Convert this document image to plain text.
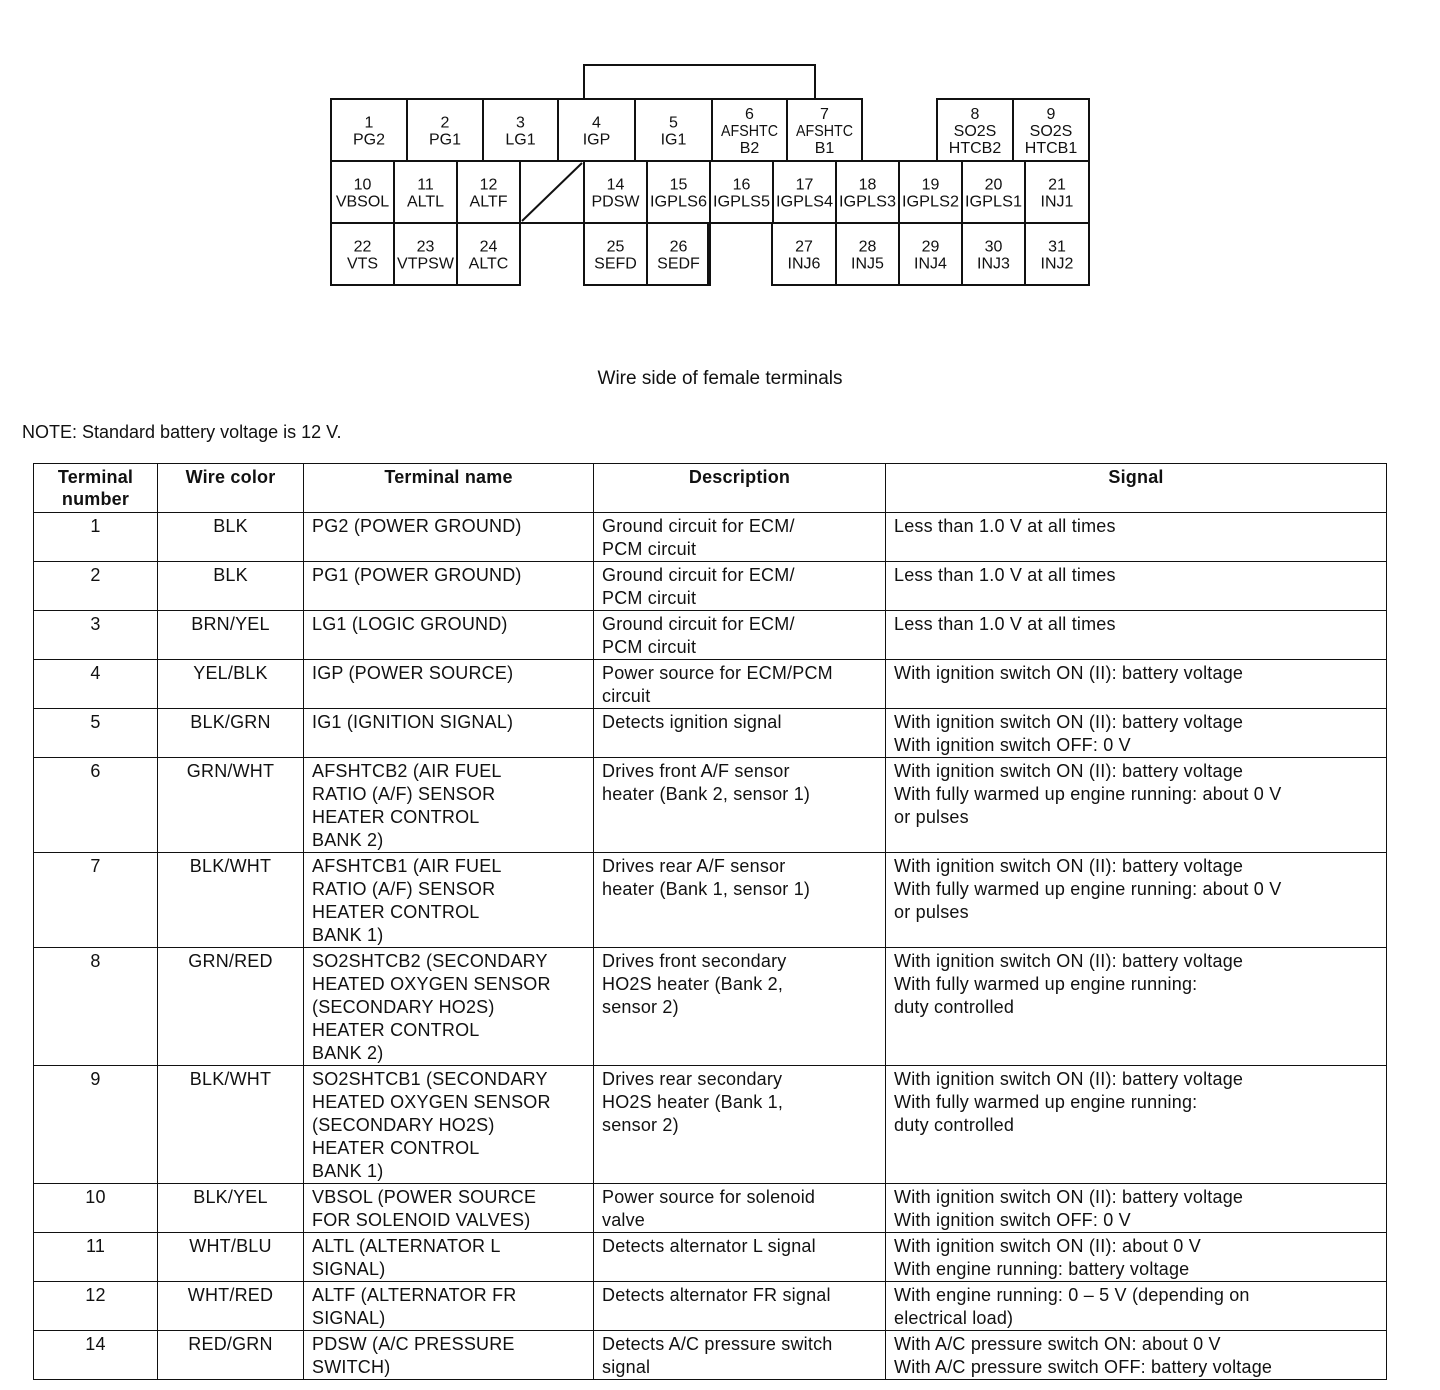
1
PG2
2
PG1
3
LG1
4
IGP
5
IG1
6
AFSHTC
B2
7
AFSHTC
B1
8
SO2S
HTCB2
9
SO2S
HTCB1
10
VBSOL
11
ALTL
12
ALTF
14
PDSW
15
IGPLS6
16
IGPLS5
17
IGPLS4
18
IGPLS3
19
IGPLS2
20
IGPLS1
21
INJ1
22
VTS
23
VTPSW
24
ALTC
25
SEFD
26
SEDF
27
INJ6
28
INJ5
29
INJ4
30
INJ3
31
INJ2
Wire side of female terminals
NOTE: Standard battery voltage is 12 V.
Terminal number	Wire color	Terminal name	Description	Signal
1	BLK	PG2 (POWER GROUND)	Ground circuit for ECM/
PCM circuit	Less than 1.0 V at all times

2	BLK	PG1 (POWER GROUND)	Ground circuit for ECM/
PCM circuit	Less than 1.0 V at all times

3	BRN/YEL	LG1 (LOGIC GROUND)	Ground circuit for ECM/
PCM circuit	Less than 1.0 V at all times

4	YEL/BLK	IGP (POWER SOURCE)	Power source for ECM/PCM
circuit	With ignition switch ON (II): battery voltage

5	BLK/GRN	IG1 (IGNITION SIGNAL)	Detects ignition signal	With ignition switch ON (II): battery voltage
With ignition switch OFF: 0 V

6	GRN/WHT	AFSHTCB2 (AIR FUEL
RATIO (A/F) SENSOR
HEATER CONTROL
BANK 2)	Drives front A/F sensor
heater (Bank 2, sensor 1)	With ignition switch ON (II): battery voltage
With fully warmed up engine running: about 0 V
or pulses

7	BLK/WHT	AFSHTCB1 (AIR FUEL
RATIO (A/F) SENSOR
HEATER CONTROL
BANK 1)	Drives rear A/F sensor
heater (Bank 1, sensor 1)	With ignition switch ON (II): battery voltage
With fully warmed up engine running: about 0 V
or pulses

8	GRN/RED	SO2SHTCB2 (SECONDARY
HEATED OXYGEN SENSOR
(SECONDARY HO2S)
HEATER CONTROL
BANK 2)	Drives front secondary
HO2S heater (Bank 2,
sensor 2)	With ignition switch ON (II): battery voltage
With fully warmed up engine running:
duty controlled

9	BLK/WHT	SO2SHTCB1 (SECONDARY
HEATED OXYGEN SENSOR
(SECONDARY HO2S)
HEATER CONTROL
BANK 1)	Drives rear secondary
HO2S heater (Bank 1,
sensor 2)	With ignition switch ON (II): battery voltage
With fully warmed up engine running:
duty controlled

10	BLK/YEL	VBSOL (POWER SOURCE
FOR SOLENOID VALVES)	Power source for solenoid
valve	With ignition switch ON (II): battery voltage
With ignition switch OFF: 0 V

11	WHT/BLU	ALTL (ALTERNATOR L
SIGNAL)	Detects alternator L signal	With ignition switch ON (II): about 0 V
With engine running: battery voltage

12	WHT/RED	ALTF (ALTERNATOR FR
SIGNAL)	Detects alternator FR signal	With engine running: 0 – 5 V (depending on
electrical load)

14	RED/GRN	PDSW (A/C PRESSURE
SWITCH)	Detects A/C pressure switch
signal	With A/C pressure switch ON: about 0 V
With A/C pressure switch OFF: battery voltage
